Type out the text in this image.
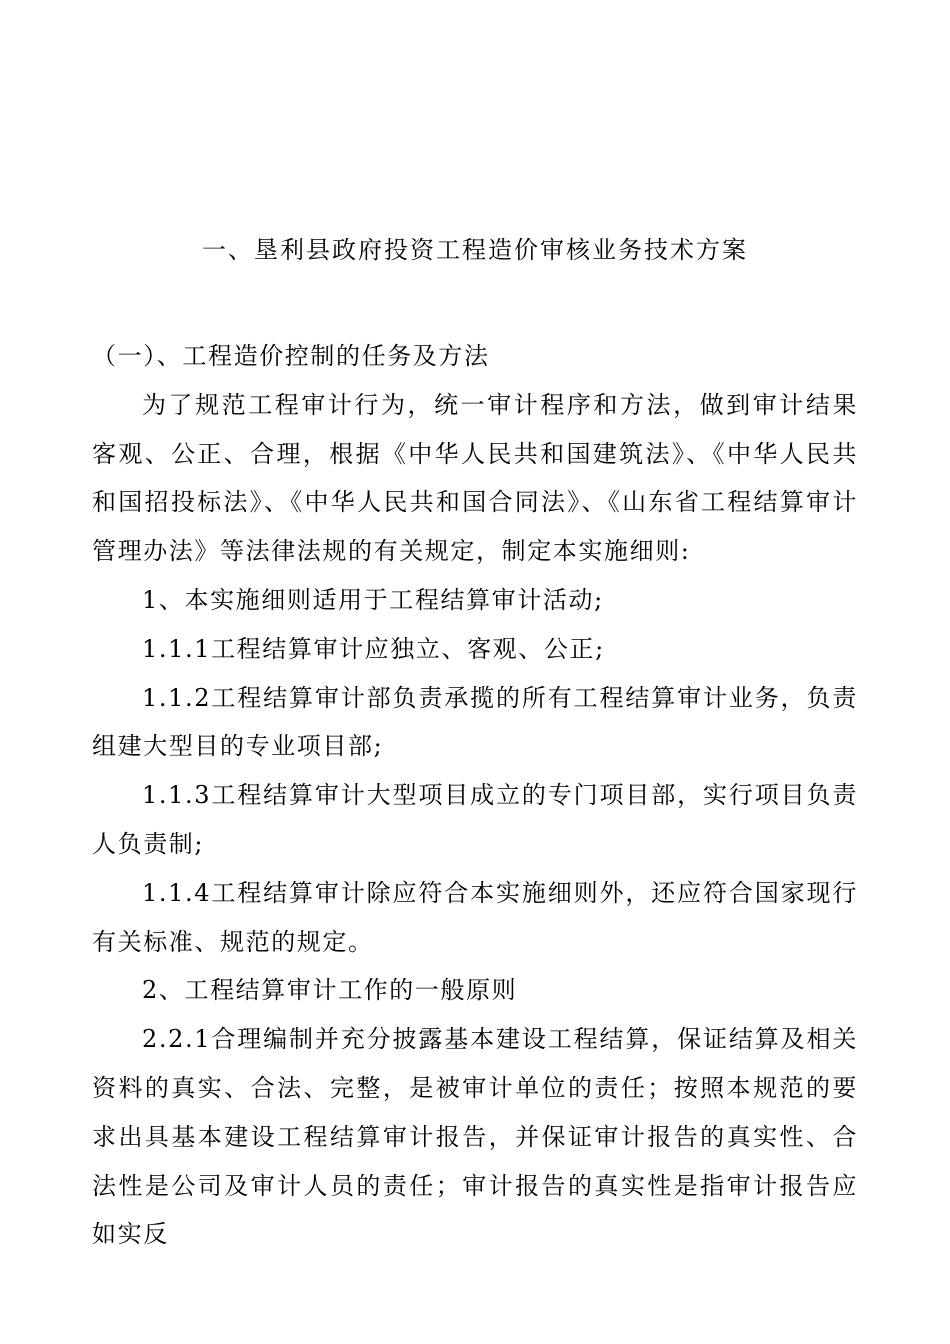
一、垦利县政府投资工程造价审核业务技术方案

（一）、工程造价控制的任务及方法

为了规范工程审计行为，统一审计程序和方法，做到审计结果客观、公正、合理，根据《中华人民共和国建筑法》、《中华人民共和国招投标法》、《中华人民共和国合同法》、《山东省工程结算审计管理办法》等法律法规的有关规定，制定本实施细则:

1、本实施细则适用于工程结算审计活动;

1.1.1工程结算审计应独立、客观、公正;

1.1.2工程结算审计部负责承揽的所有工程结算审计业务，负责组建大型目的专业项目部;

1.1.3工程结算审计大型项目成立的专门项目部，实行项目负责人负责制;

1.1.4工程结算审计除应符合本实施细则外，还应符合国家现行有关标准、规范的规定。

2、工程结算审计工作的一般原则

2.2.1合理编制并充分披露基本建设工程结算，保证结算及相关资料的真实、合法、完整，是被审计单位的责任；按照本规范的要求出具基本建设工程结算审计报告，并保证审计报告的真实性、合法性是公司及审计人员的责任；审计报告的真实性是指审计报告应如实反
